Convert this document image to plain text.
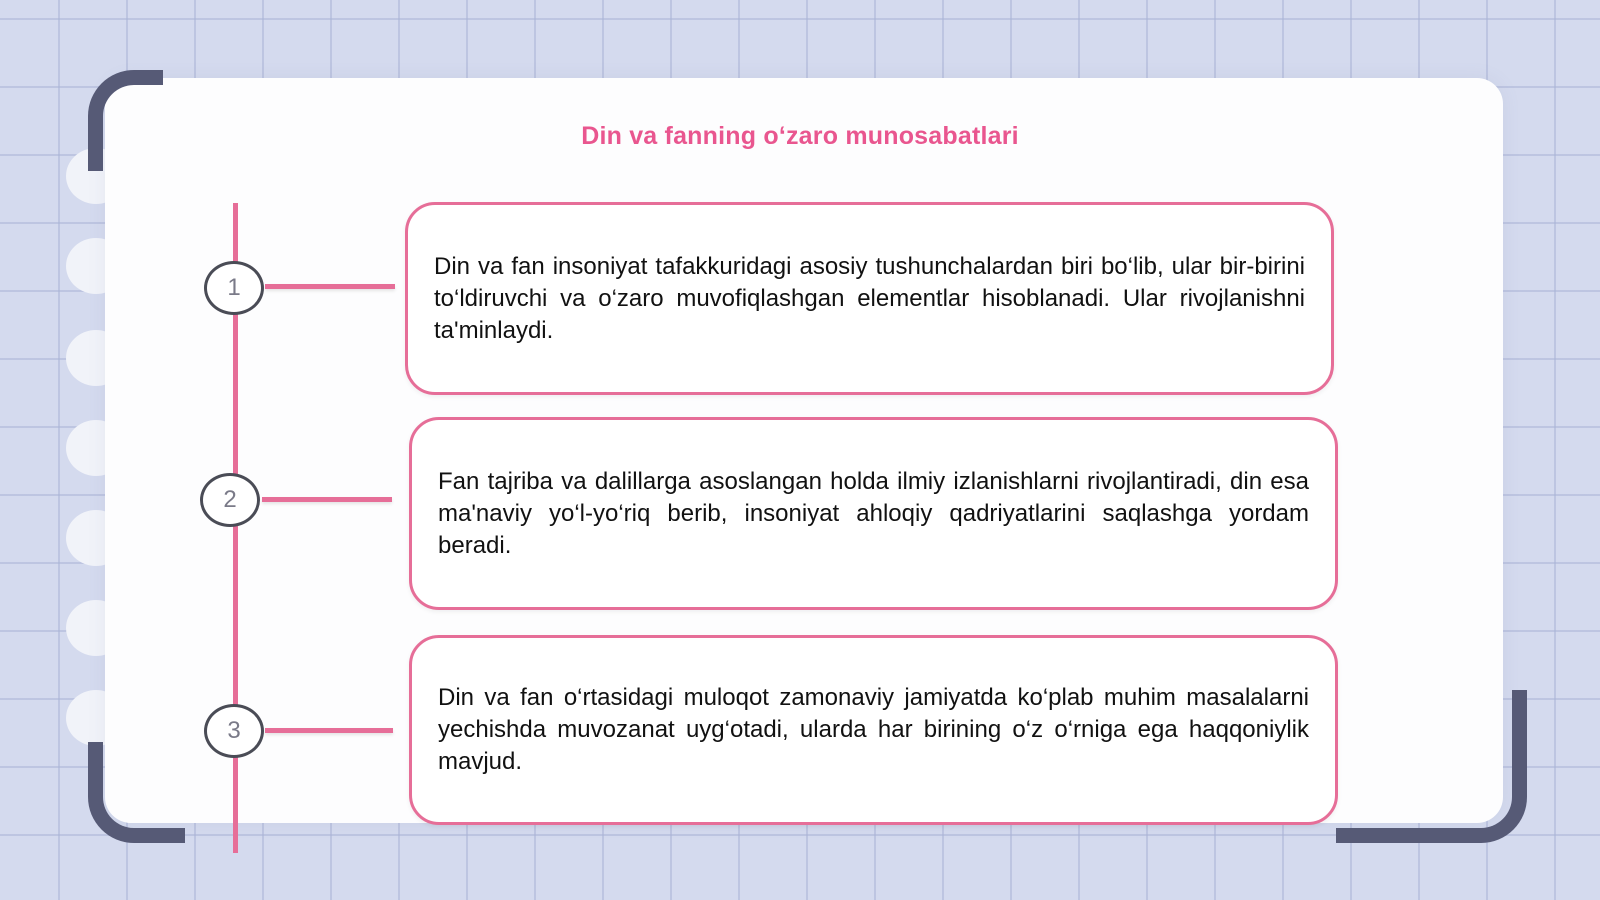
Din va fanning o‘zaro munosabatlari
1
2
3

Din va fan insoniyat tafakkuridagi asosiy tushunchalardan biri bo‘lib, ular bir-birini to‘ldiruvchi va o‘zaro muvofiqlashgan elementlar hisoblanadi. Ular rivojlanishni ta'minlaydi.

Fan tajriba va dalillarga asoslangan holda ilmiy izlanishlarni rivojlantiradi, din esa ma'naviy yo‘l-yo‘riq berib, insoniyat ahloqiy qadriyatlarini saqlashga yordam beradi.

Din va fan o‘rtasidagi muloqot zamonaviy jamiyatda ko‘plab muhim masalalarni yechishda muvozanat uyg‘otadi, ularda har birining o‘z o‘rniga ega haqqoniylik mavjud.
